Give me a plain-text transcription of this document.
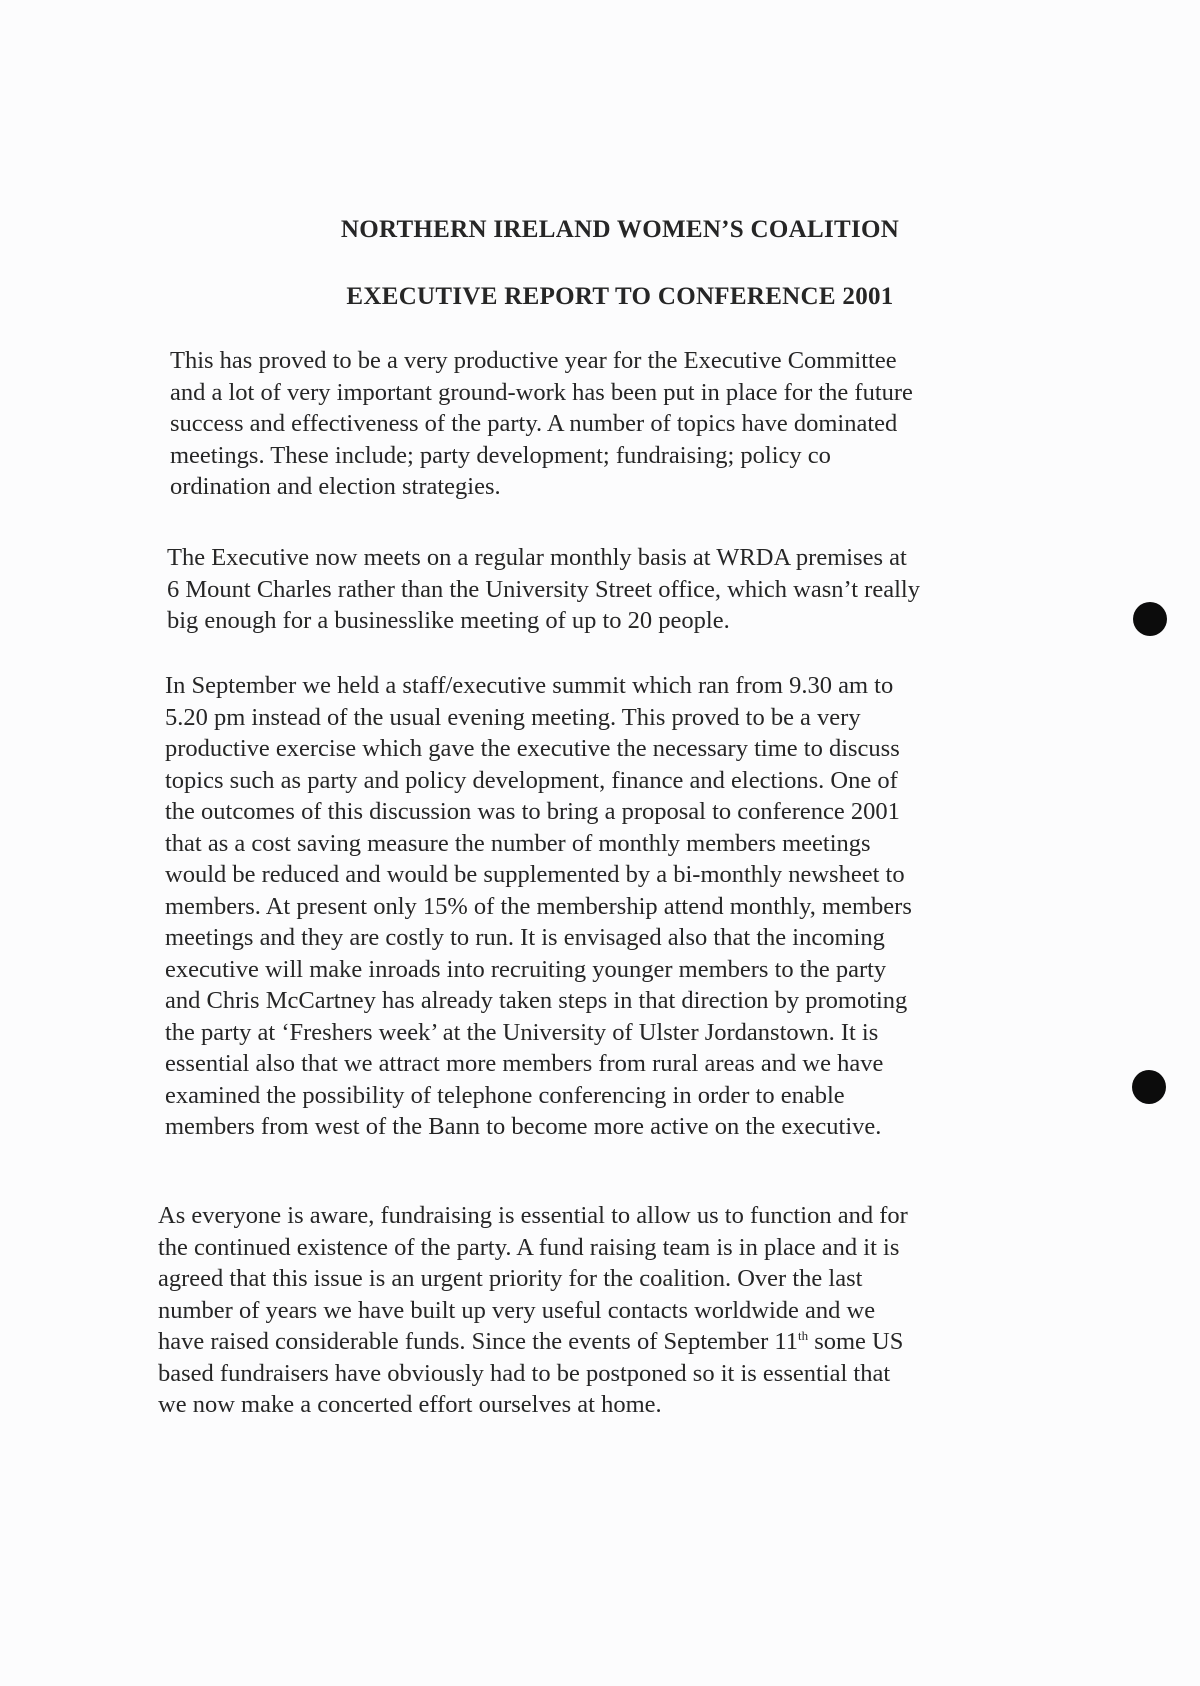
NORTHERN IRELAND WOMEN’S COALITION
EXECUTIVE REPORT TO CONFERENCE 2001
This has proved to be a very productive year for the Executive Committee
and a lot of very important ground-work has been put in place for the future
success and effectiveness of the party. A number of topics have dominated
meetings. These include; party development; fundraising; policy co
ordination and election strategies.
The Executive now meets on a regular monthly basis at WRDA premises at
6 Mount Charles rather than the University Street office, which wasn’t really
big enough for a businesslike meeting of up to 20 people.
In September we held a staff/executive summit which ran from 9.30 am to
5.20 pm instead of the usual evening meeting. This proved to be a very
productive exercise which gave the executive the necessary time to discuss
topics such as party and policy development, finance and elections. One of
the outcomes of this discussion was to bring a proposal to conference 2001
that as a cost saving measure the number of monthly members meetings
would be reduced and would be supplemented by a bi-monthly newsheet to
members. At present only 15% of the membership attend monthly, members
meetings and they are costly to run. It is envisaged also that the incoming
executive will make inroads into recruiting younger members to the party
and Chris McCartney has already taken steps in that direction by promoting
the party at ‘Freshers week’ at the University of Ulster Jordanstown. It is
essential also that we attract more members from rural areas and we have
examined the possibility of telephone conferencing in order to enable
members from west of the Bann to become more active on the executive.
As everyone is aware, fundraising is essential to allow us to function and for
the continued existence of the party. A fund raising team is in place and it is
agreed that this issue is an urgent priority for the coalition. Over the last
number of years we have built up very useful contacts worldwide and we
have raised considerable funds. Since the events of September 11th some US
based fundraisers have obviously had to be postponed so it is essential that
we now make a concerted effort ourselves at home.
